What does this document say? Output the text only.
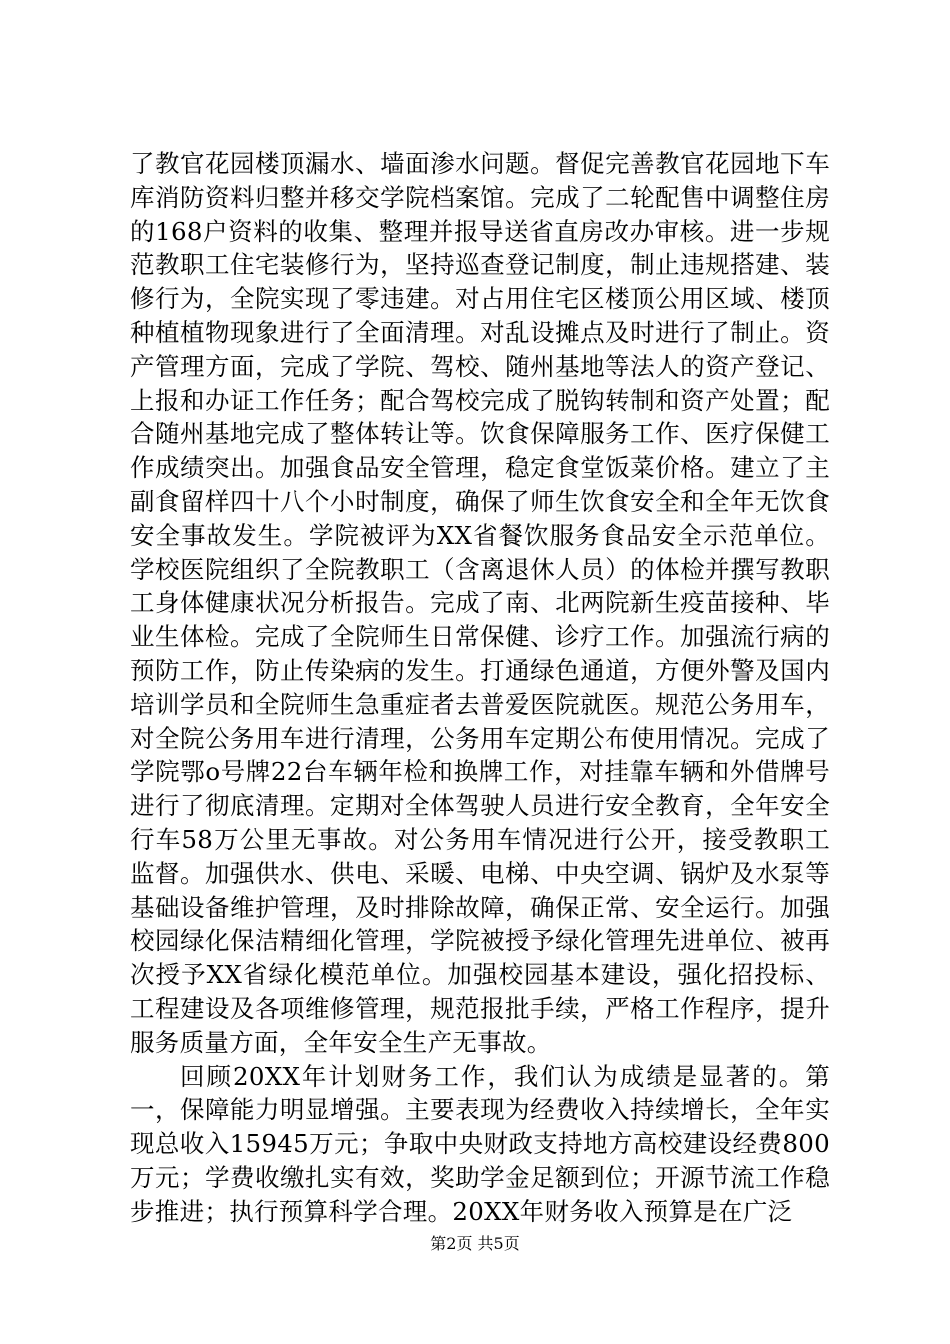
了教官花园楼顶漏水、墙面渗水问题。督促完善教官花园地下车库消防资料归整并移交学院档案馆。完成了二轮配售中调整住房的168户资料的收集、整理并报导送省直房改办审核。进一步规范教职工住宅装修行为，坚持巡查登记制度，制止违规搭建、装修行为，全院实现了零违建。对占用住宅区楼顶公用区域、楼顶种植植物现象进行了全面清理。对乱设摊点及时进行了制止。资产管理方面，完成了学院、驾校、随州基地等法人的资产登记、上报和办证工作任务；配合驾校完成了脱钩转制和资产处置；配合随州基地完成了整体转让等。饮食保障服务工作、医疗保健工作成绩突出。加强食品安全管理，稳定食堂饭菜价格。建立了主副食留样四十八个小时制度，确保了师生饮食安全和全年无饮食安全事故发生。学院被评为XX省餐饮服务食品安全示范单位。学校医院组织了全院教职工（含离退休人员）的体检并撰写教职工身体健康状况分析报告。完成了南、北两院新生疫苗接种、毕业生体检。完成了全院师生日常保健、诊疗工作。加强流行病的预防工作，防止传染病的发生。打通绿色通道，方便外警及国内培训学员和全院师生急重症者去普爱医院就医。规范公务用车，对全院公务用车进行清理，公务用车定期公布使用情况。完成了学院鄂o号牌22台车辆年检和换牌工作，对挂靠车辆和外借牌号进行了彻底清理。定期对全体驾驶人员进行安全教育，全年安全行车58万公里无事故。对公务用车情况进行公开，接受教职工监督。加强供水、供电、采暖、电梯、中央空调、锅炉及水泵等基础设备维护管理，及时排除故障，确保正常、安全运行。加强校园绿化保洁精细化管理，学院被授予绿化管理先进单位、被再次授予XX省绿化模范单位。加强校园基本建设，强化招投标、工程建设及各项维修管理，规范报批手续，严格工作程序，提升服务质量方面，全年安全生产无事故。

回顾20XX年计划财务工作，我们认为成绩是显著的。第一，保障能力明显增强。主要表现为经费收入持续增长，全年实现总收入15945万元；争取中央财政支持地方高校建设经费800万元；学费收缴扎实有效，奖助学金足额到位；开源节流工作稳步推进；执行预算科学合理。20XX年财务收入预算是在广泛

第2页 共5页
